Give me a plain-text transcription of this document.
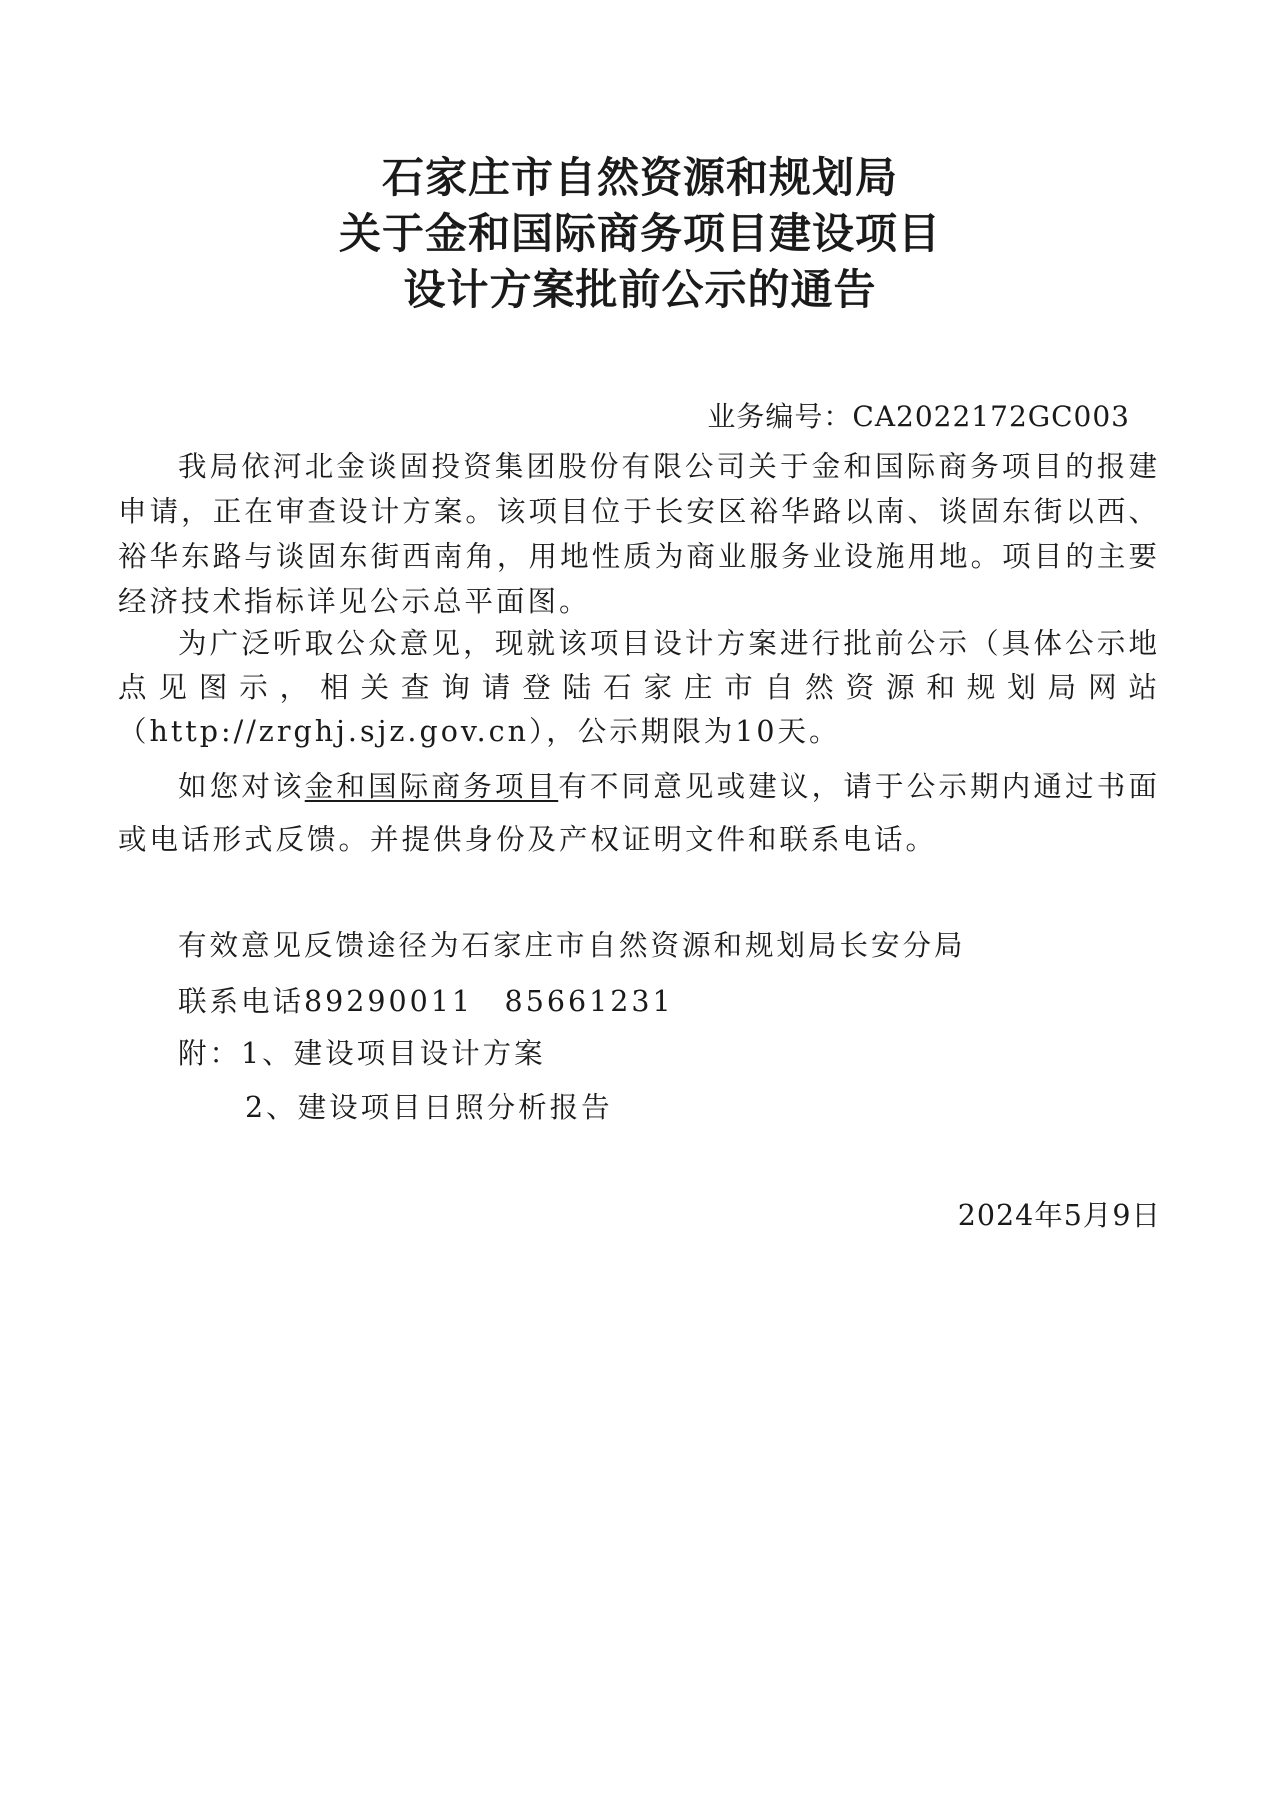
石家庄市自然资源和规划局
关于金和国际商务项目建设项目
设计方案批前公示的通告
业务编号：CA2022172GC003

我局依河北金谈固投资集团股份有限公司关于金和国际商务项目的报建申请，正在审查设计方案。该项目位于长安区裕华路以南、谈固东街以西、裕华东路与谈固东街西南角，用地性质为商业服务业设施用地。项目的主要经济技术指标详见公示总平面图。

为广泛听取公众意见，现就该项目设计方案进行批前公示（具体公示地点见图示，相关查询请登陆石家庄市自然资源和规划局网站（http://zrghj.sjz.gov.cn），公示期限为10天。

如您对该金和国际商务项目有不同意见或建议，请于公示期内通过书面或电话形式反馈。并提供身份及产权证明文件和联系电话。

有效意见反馈途径为石家庄市自然资源和规划局长安分局
联系电话89290011　85661231
附：1、建设项目设计方案
2、建设项目日照分析报告
2024年5月9日
